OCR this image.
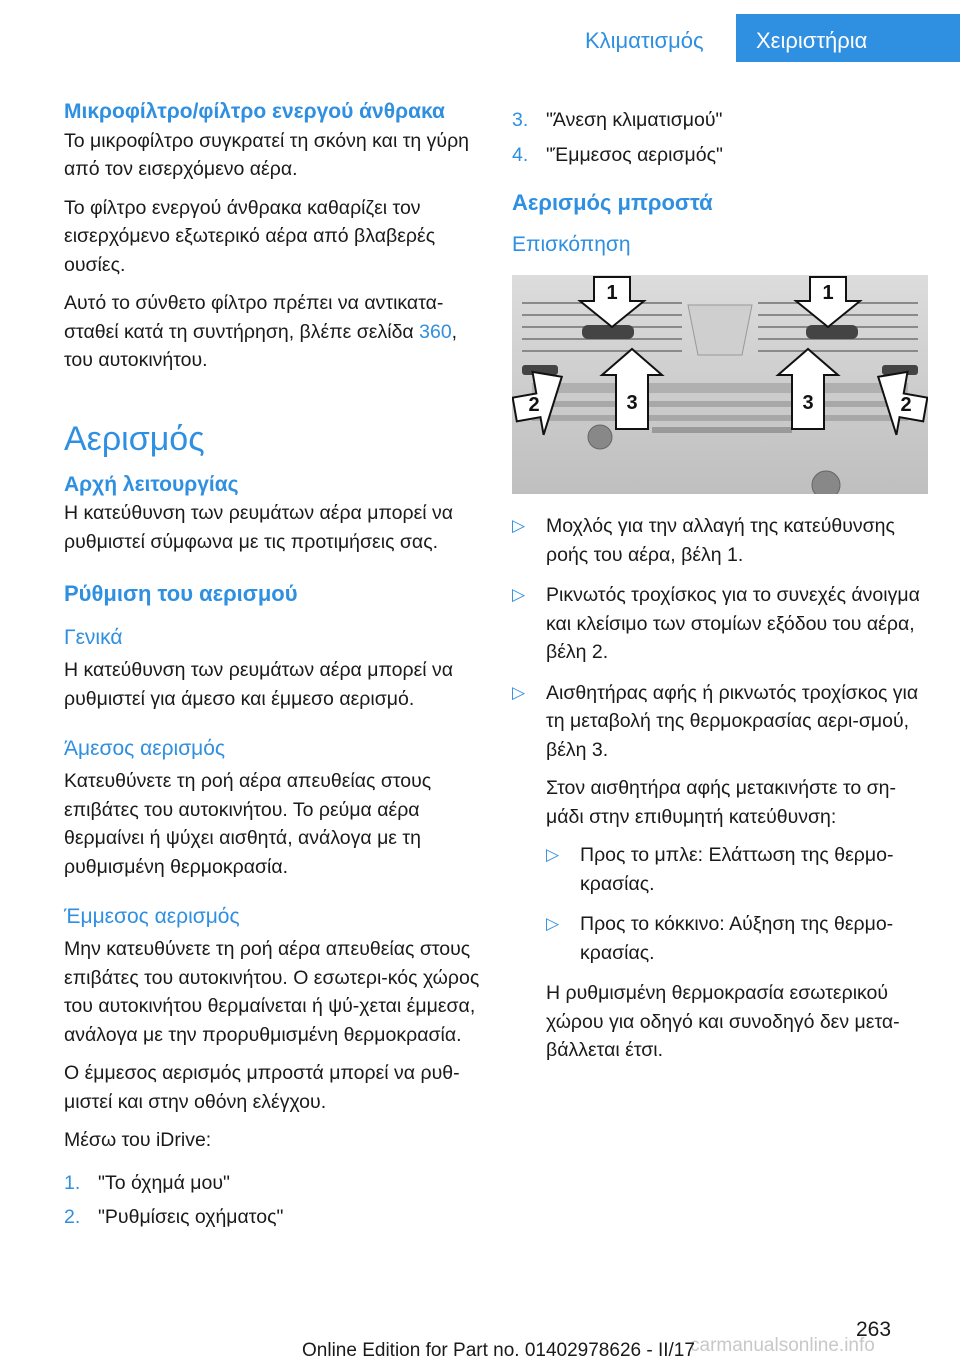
Κλιματισμός Χειριστήρια
Μικροφίλτρο/φίλτρο ενεργού άνθρακα

Το μικροφίλτρο συγκρατεί τη σκόνη και τη γύρη από τον εισερχόμενο αέρα.

Το φίλτρο ενεργού άνθρακα καθαρίζει τον εισερχόμενο εξωτερικό αέρα από βλαβερές ουσίες.

Αυτό το σύνθετο φίλτρο πρέπει να αντικατα‐σταθεί κατά τη συντήρηση, βλέπε σελίδα 360, του αυτοκινήτου.

Αερισμός
Αρχή λειτουργίας

Η κατεύθυνση των ρευμάτων αέρα μπορεί να ρυθμιστεί σύμφωνα με τις προτιμήσεις σας.

Ρύθμιση του αερισμού
Γενικά

Η κατεύθυνση των ρευμάτων αέρα μπορεί να ρυθμιστεί για άμεσο και έμμεσο αερισμό.

Άμεσος αερισμός

Κατευθύνετε τη ροή αέρα απευθείας στους επιβάτες του αυτοκινήτου. Το ρεύμα αέρα θερμαίνει ή ψύχει αισθητά, ανάλογα με τη ρυθμισμένη θερμοκρασία.

Έμμεσος αερισμός

Μην κατευθύνετε τη ροή αέρα απευθείας στους επιβάτες του αυτοκινήτου. Ο εσωτερι‐κός χώρος του αυτοκινήτου θερμαίνεται ή ψύ‐χεται έμμεσα, ανάλογα με την προρυθμισμένη θερμοκρασία.

Ο έμμεσος αερισμός μπροστά μπορεί να ρυθ‐μιστεί και στην οθόνη ελέγχου.

Μέσω του iDrive:

1. "Το όχημά μου"
2. "Ρυθμίσεις οχήματος"
3. "Άνεση κλιματισμού"
4. "Έμμεσος αερισμός"
Αερισμός μπροστά
Επισκόπηση
1	1
2	2
3	3
▷ Μοχλός για την αλλαγή της κατεύθυνσης ροής του αέρα, βέλη 1.
▷ Ρικνωτός τροχίσκος για το συνεχές άνοιγμα και κλείσιμο των στομίων εξόδου του αέρα, βέλη 2.
▷ Αισθητήρας αφής ή ρικνωτός τροχίσκος για τη μεταβολή της θερμοκρασίας αερι‐σμού, βέλη 3.

Στον αισθητήρα αφής μετακινήστε το ση‐μάδι στην επιθυμητή κατεύθυνση:

▷ Προς το μπλε: Ελάττωση της θερμο‐κρασίας.
▷ Προς το κόκκινο: Αύξηση της θερμο‐κρασίας.

Η ρυθμισμένη θερμοκρασία εσωτερικού χώρου για οδηγό και συνοδηγό δεν μετα‐βάλλεται έτσι.

263
carmanualsonline.info
Online Edition for Part no. 01402978626 - II/17
